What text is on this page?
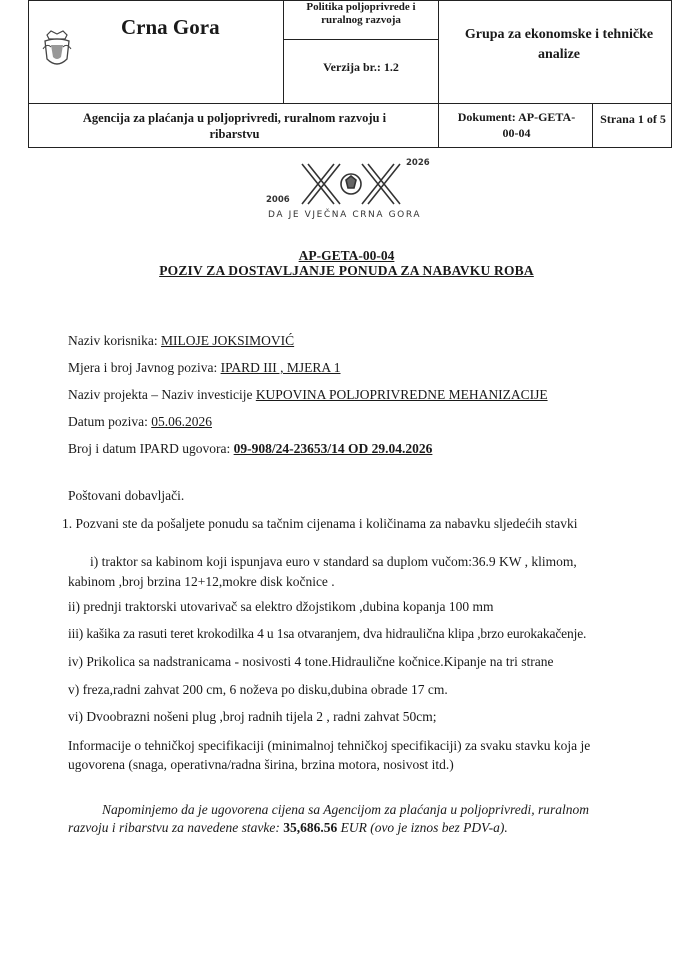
Crna Gora
Politika poljoprivrede i
ruralnog razvoja
Verzija br.: 1.2
Grupa za ekonomske i tehničke
analize
Agencija za plaćanja u poljoprivredi, ruralnom razvoju i
ribarstvu
Dokument: AP-GETA-
00-04
Strana 1 of 5
2006
2026
DA JE VJEČNA CRNA GORA
AP-GETA-00-04
POZIV ZA DOSTAVLJANJE PONUDA ZA NABAVKU ROBA
Naziv korisnika: MILOJE JOKSIMOVIĆ
Mjera i broj Javnog poziva: IPARD III , MJERA 1
Naziv projekta – Naziv investicije KUPOVINA POLJOPRIVREDNE MEHANIZACIJE
Datum poziva: 05.06.2026
Broj i datum IPARD ugovora: 09-908/24-23653/14 OD 29.04.2026
Poštovani dobavljači.
1. Pozvani ste da pošaljete ponudu sa tačnim cijenama i količinama za nabavku sljedećih stavki
i) traktor sa kabinom koji ispunjava euro v standard sa duplom vučom:36.9 KW , klimom,
kabinom ,broj brzina 12+12,mokre disk kočnice .
ii) prednji traktorski utovarivač sa elektro džojstikom ,dubina kopanja 100 mm
iii) kašika za rasuti teret krokodilka 4 u 1sa otvaranjem, dva hidraulična klipa ,brzo eurokakačenje.
iv) Prikolica sa nadstranicama - nosivosti 4 tone.Hidraulične kočnice.Kipanje na tri strane
v) freza,radni zahvat 200 cm, 6 noževa po disku,dubina obrade 17 cm.
vi) Dvoobrazni nošeni plug ,broj radnih tijela 2 , radni zahvat 50cm;
Informacije o tehničkoj specifikaciji (minimalnoj tehničkoj specifikaciji) za svaku stavku koja je
ugovorena (snaga, operativna/radna širina, brzina motora, nosivost itd.)
Napominjemo da je ugovorena cijena sa Agencijom za plaćanja u poljoprivredi, ruralnom
razvoju i ribarstvu za navedene stavke: 35,686.56 EUR (ovo je iznos bez PDV-a).
